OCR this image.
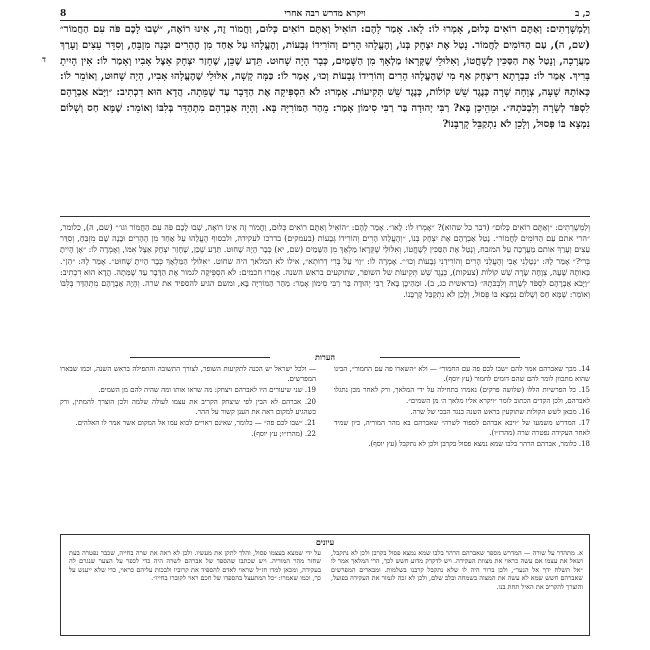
8	ויקרא מדרש רבה אחרי	כ, ב
ד

וְלַמְשָׁרְתִים: וְאַתֶּם רוֹאִים כְּלוּם, אָמְרוּ לוֹ: לָאו. אָמַר לָהֶם: הוֹאִיל וְאַתֶּם רוֹאִים כְּלוּם, וַחֲמוֹר זֶה, אִינוּ רוֹאֶה, ״שְׁבוּ לָכֶם פֹּה עִם הַחֲמוֹר״ (שם, ה), עַם הַדּוֹמִים לַחֲמוֹר. נָטַל אֶת יִצְחָק בְּנוֹ, וְהֶעֱלָהוּ הָרִים וְהוֹרִידוֹ גְּבָעוֹת, וְהֶעֱלָהוּ עַל אַחַד מִן הֶהָרִים וּבָנָה מִזְבֵּחַ, וְסִדֵּר עֵצִים וְעָרַךְ מַעֲרָכָה, וְנָטַל אֶת הַסַּכִּין לְשָׁחֳטוֹ, וְאִלּוּלֵי שֶׁקְּרָאוֹ מַלְאָךְ מִן הַשָּׁמַיִם, כְּבָר הָיָה שָׁחוּט. תֵּדַע שֶׁכֵּן, שֶׁחָזַר יִצְחָק אֵצֶל אָבִיו וְאָמַר לוֹ: אִין הָיִיתָ בָּרִיךְ. אָמַר לוֹ: כִּבְרָתָא דִיצְחָק אַף מִי שֶׁהֶעֱלָהוּ הָרִים וְהוֹרִידוֹ גְּבָעוֹת וְכוּ׳, אָמַר לוֹ: כַּמָּה קָשָׁה, אִלּוּלֵי שֶׁהֶעֱלָהוּ אָבִיו, הָיָה שָׁחוּט, וְאוֹמֵר לוֹ: כְּאוֹתָהּ שָׁעָה, צְוָחָה שָׁרָה כְּנֶגֶד שֵׁשׁ קוֹלוֹת, כְּנֶגֶד שֵׁשׁ תְּקִיעוֹת. אָמְרוּ: לֹא הִסְפִּיקָה אֶת הַדָּבָר עַד שֶׁמֵּתָה. הֲדָא הוּא דִכְתִיב: ״וַיָּבֹא אַבְרָהָם לִסְפֹּד לְשָׂרָה וְלִבְכֹּתָהּ״. וּמֵהֵיכָן בָּא? רַבִּי יְהוּדָה בַּר רַבִּי סִימוֹן אָמַר: מֵהַר הַמּוֹרִיָּה בָּא. וְהָיָה אַבְרָהָם מִתְהַדֵּר בְּלִבּוֹ וְאוֹמֵר: שֶׁמָּא חַס וְשָׁלוֹם נִמְצָא בּוֹ פְּסוּל, וְלָכֵן לֹא נִתְקַבֵּל קָרְבָּנוֹ?

וְלַמְשָׁרְתִים: ״וְאַתֶּם רוֹאִים כְּלוּם״ (דבר כל שהוא)? ״אָמְרוּ לוֹ: לָאו״. אָמַר לָהֶם: ״הוֹאִיל וְאַתֶּם רוֹאִים כְּלוּם, וַחֲמוֹר זֶה אֵינוֹ רוֹאֶה, שְׁבוּ לָכֶם פֹּה עִם הַחֲמוֹר וגו׳״ (שם, ה), כלומר, ״הרי אתם עַם הַדּוֹמִים לַחֲמוֹר״. נָטַל אַבְרָהָם אֶת יִצְחָק בְּנוֹ, ״וְהֶעֱלָהוּ הָרִים וְהוֹרִידוֹ גְּבָעוֹת (בעמקים) בדרכו לעקידה, ולבסוף הֶעֱלָהוּ עַל אַחַד מִן הֶהָרִים וּבָנָה שָׁם מִזְבֵּחַ, וְסִדֵּר עֵצִים וְעָרַךְ אותם מַעֲרָכָה עַל המזבח, וְנָטַל אֶת הַסַּכִּין לְשָׁחֳטוֹ, וְאִלּוּלֵי שֶׁקְּרָאוֹ מַלְאָךְ מִן הַשָּׁמַיִם (שם, יא) כְּבָר הָיָה שָׁחוּט. תֵּדַע שֶׁכֵּן, שֶׁחָזַר יִצְחָק אֵצֶל אִמּוֹ, וְאָמְרָה לוֹ: ״אָן הָיִיתָ בְּרִי?״ אָמַר לָהּ: ״נְטָלַנִי אָבִי וְהֶעֱלַנִי הָרִים וְהוֹרִידַנִי גְּבָעוֹת וְכוּ׳״. אָמְרָה לוֹ: ״וַוי עַל בְּרִי דְרוּתְא״, אילו לא המלאך היה שחוט. ״אִלּוּלֵי הַמַּלְאָךְ כְּבָר הָיִיתָ שָׁחוּט״. אָמַר לָהּ: ״הֵן״. בְּאוֹתָהּ שָׁעָה, צְוָחָה שָׂרָה שֵׁשׁ קוֹלוֹת (צעקות), כְּנֶגֶד שֵׁשׁ תְּקִיעוֹת של השופר, שתוקעים בראש השנה. אָמְרוּ חכמים: לֹא הִסְפִּיקָה לגמור אֶת הַדָּבָר עַד שֶׁמֵּתָה. הֲדָא הוּא דִכְתִיב: ״וַיָּבֹא אַבְרָהָם לִסְפֹּד לְשָׂרָה וְלִבְכֹּתָהּ״ (בראשית כג, ב). וּמֵהֵיכָן בָּא? רַבִּי יְהוּדָה בַּר רַבִּי סִימוֹן אָמַר: מֵהַר הַמּוֹרִיָּה בָּא, ומשם הגיע להספיד את שרה. וְהָיָה אַבְרָהָם מִתְהַדֵּר בְּלִבּוֹ וְאוֹמֵר: שֶׁמָּא חַס וְשָׁלוֹם נִמְצָא בּוֹ פְּסוּל, וְלָכֵן לֹא נִתְקַבֵּל קָרְבָּנוֹ.

הערות

14. מכך שאברהם אמר להם ״שבו לכם פה עם החמור״ — ולא ״השארו פה עם החמור״, הבינו שהוא מתכוון לומר להם שהם דומים לחמור (עץ יוסף).

15. כל הפרשיות הללו (שלושה פרקים) נאמרו בתחילה על ידי המלאך, ורק לאחר מכן נתגלו לאברהם, ולכן הקדים הכתוב לומר ״ויקרא אליו מלאך ה׳ מן השמים״.

16. מכאן לשש הקולות שתוקעין בראש השנה כנגד הבכי של שרה.

17. המדרש משמעו של ״ויבא אברהם לספוד לשרה״ שאברהם בא מהר המוריה, כיון שמיד לאחר העקידה נפטרה שרה (מהרז״ו).

18. כלומר, אברהם הרהר בלבו שמא נמצא פסול בקרבן ולכן לא נתקבל (עץ יוסף).

— ולכל ישראל יש הכנה לתקיעות השופר, לצורך התשובה והתפילה בראש השנה, וכמו שבארו המפרשים.

19. שני שיעורים היו לאברהם ויצחק: מה שראו אותו ומה שהיה להם מן השמים.

20. אברהם לא הבין לפי שיצחק הקריב את עצמו לעולה שלמה ולכן הוצרך להמתין, ורק כשהגיע למקום ראה את הענן קשור על ההר.

21. ״שבו לכם פה״ — כלומר, שאינם ראויים לבוא עמו אל המקום אשר אמר לו האלהים.

22. (מהרז״ו; עץ יוסף).

עיונים

א. מתהדר על שורה — המדרש מספר שאברהם הרהר בלבו שמא נמצא פסול בקרבן ולכן לא נתקבל, ושאל את עצמו אם עשה כראוי את מצוות העקידה. ויש לדקדק מדוע חשש לכך, הרי המלאך אמר לו ״אל תשלח ידך אל הנער״, ולכן ברור היה לו שלא נתקבל קרבנו בשלמות. ומבארים המפרשים שאברהם חשש שמא לא עשה את המצוה בשמחה ובלב שלם, ולכן לא זכה לגמור את העקידה בפועל, והוצרך להקריב את האיל תחת בנו.

על ידי שמצא בעצמו פסול, והלך לתקן את מעשיו. ולכן לא ראה את שרה בחייה, שכבר נפטרה בעת שחזר מהר המוריה. ויש שכתבו שהספד של אברהם לשרה היה כדי לכפר על הצער שנגרם לה בעקידה, ומכאן למדו חז״ל שראוי לאדם להספיד את קרוביו ולבכות עליהם כראוי, כדי שלא ייענש על כך, וכמו שאמרו: ״כל המתעצל בהספדו של חכם ראוי לקוברו בחייו״.
